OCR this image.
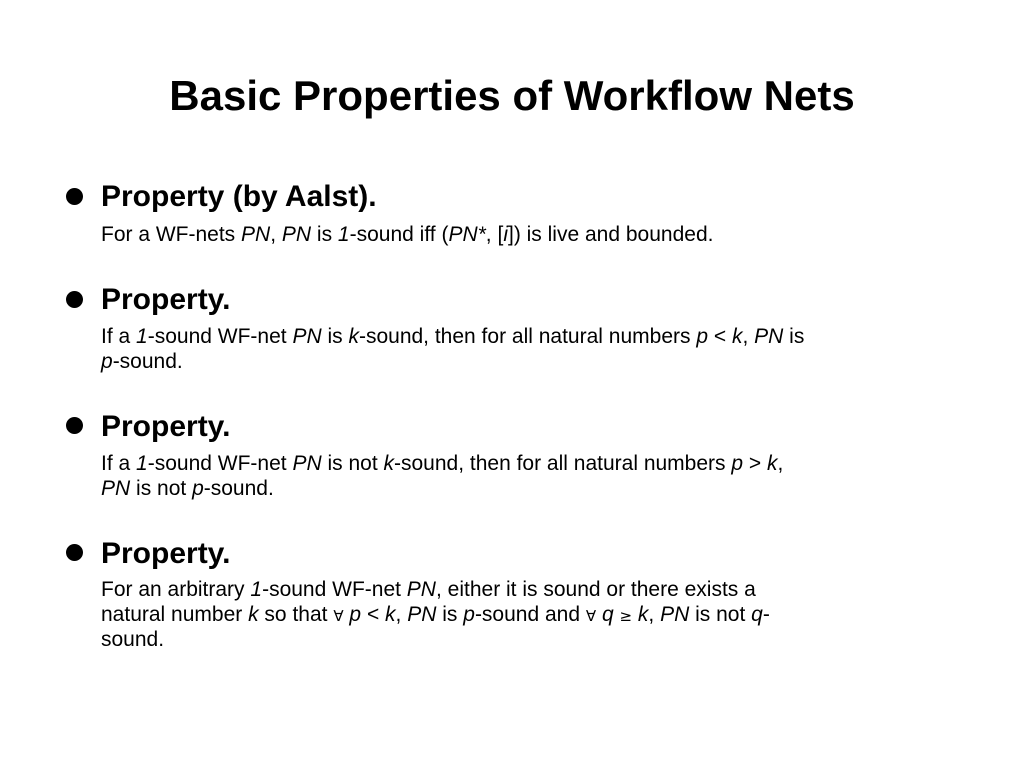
Basic Properties of Workflow Nets
Property (by Aalst).
For a WF-nets PN, PN is 1-sound iff (PN*, [i]) is live and bounded.
Property.
If a 1-sound WF-net PN is k-sound, then for all natural numbers p < k, PN is
p-sound.
Property.
If a 1-sound WF-net PN is not k-sound, then for all natural numbers p > k,
PN is not p-sound.
Property.
For an arbitrary 1-sound WF-net PN, either it is sound or there exists a
natural number k so that ∀ p < k, PN is p-sound and ∀ q ≥ k, PN is not q-
sound.
